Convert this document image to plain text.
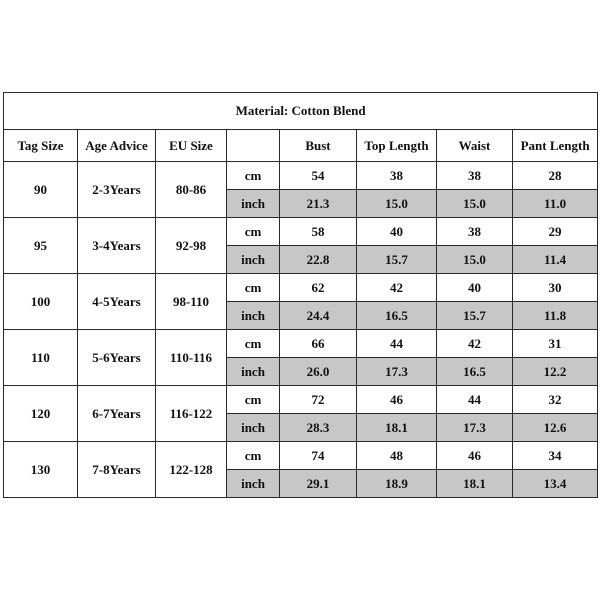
Material: Cotton Blend							
Tag Size	Age Advice	EU Size		Bust	Top Length	Waist	Pant Length
90	2-3Years	80-86	cm	54	38	38	28
			inch	21.3	15.0	15.0	11.0
95	3-4Years	92-98	cm	58	40	38	29
			inch	22.8	15.7	15.0	11.4
100	4-5Years	98-110	cm	62	42	40	30
			inch	24.4	16.5	15.7	11.8
110	5-6Years	110-116	cm	66	44	42	31
			inch	26.0	17.3	16.5	12.2
120	6-7Years	116-122	cm	72	46	44	32
			inch	28.3	18.1	17.3	12.6
130	7-8Years	122-128	cm	74	48	46	34
			inch	29.1	18.9	18.1	13.4
